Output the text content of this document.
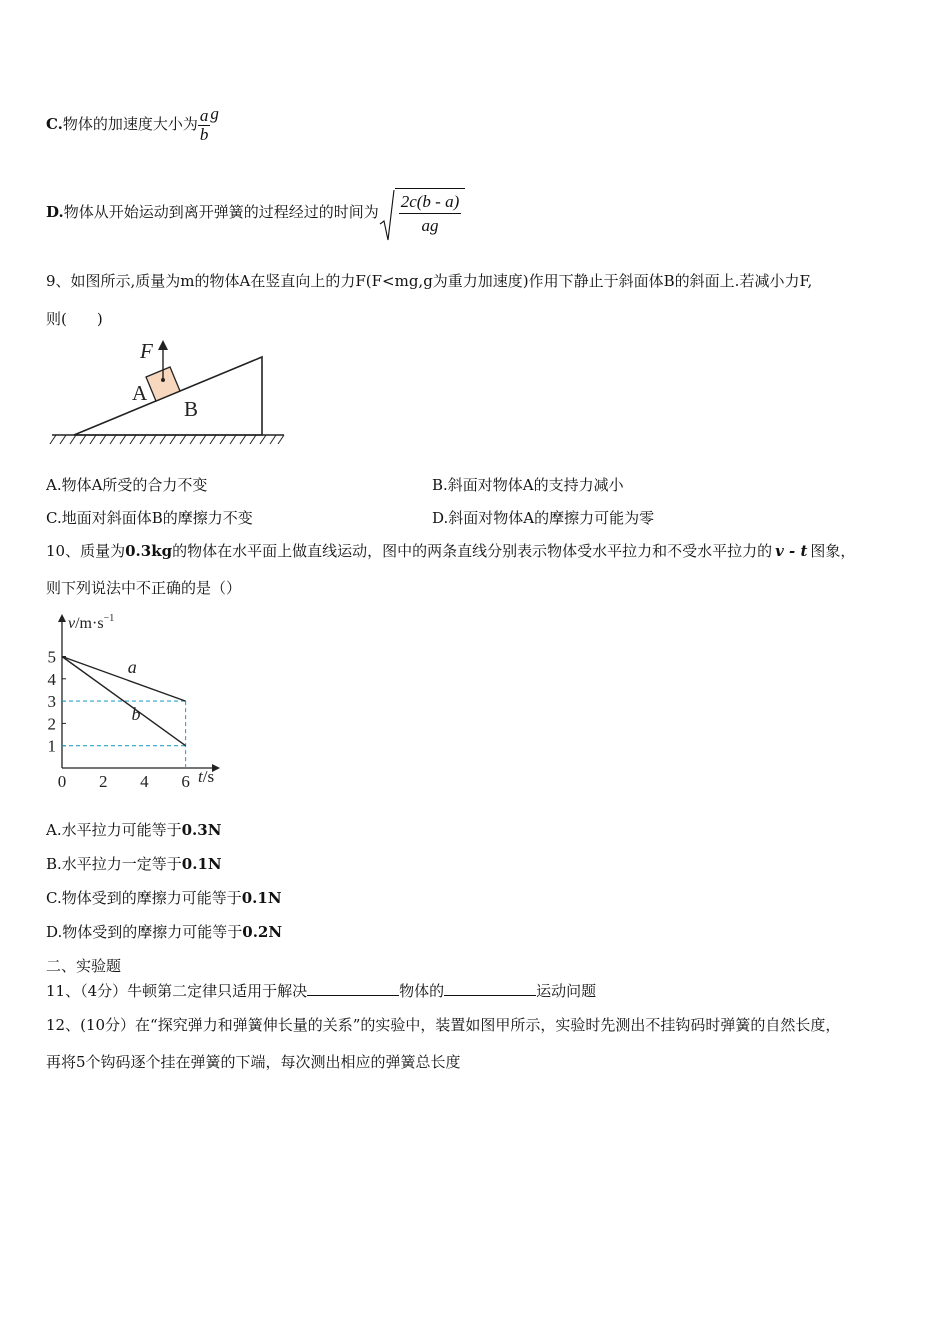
C.物体的加速度大小为 $\frac{a}{b}$ g
D.物体从开始运动到离开弹簧的过程经过的时间为 $\frac{2c(b - a)}{ag}$
9、如图所示,质量为m的物体A在竖直向上的力F(F<mg,g为重力加速度)作用下静止于斜面体B的斜面上.若减小力F,
则(　　)
F
A
B
A.物体A所受的合力不变	B.斜面对物体A的支持力减小
C.地面对斜面体B的摩擦力不变	D.斜面对物体A的摩擦力可能为零
10、质量为0.3kg的物体在水平面上做直线运动，图中的两条直线分别表示物体受水平拉力和不受水平拉力的 v - t 图象，
则下列说法中不正确的是（）
0 2 4 6
1
2
3
4
5	a
b
$v/m\cdot s^{-1}$
t/s
A.水平拉力可能等于0.3N
B.水平拉力一定等于0.1N
C.物体受到的摩擦力可能等于0.1N
D.物体受到的摩擦力可能等于0.2N
二、实验题
11、（4分）牛顿第二定律只适用于解决	物体的	运动问题
12、(10分）在“探究弹力和弹簧伸长量的关系”的实验中，装置如图甲所示，实验时先测出不挂钩码时弹簧的自然长度，
再将5个钩码逐个挂在弹簧的下端，每次测出相应的弹簧总长度
